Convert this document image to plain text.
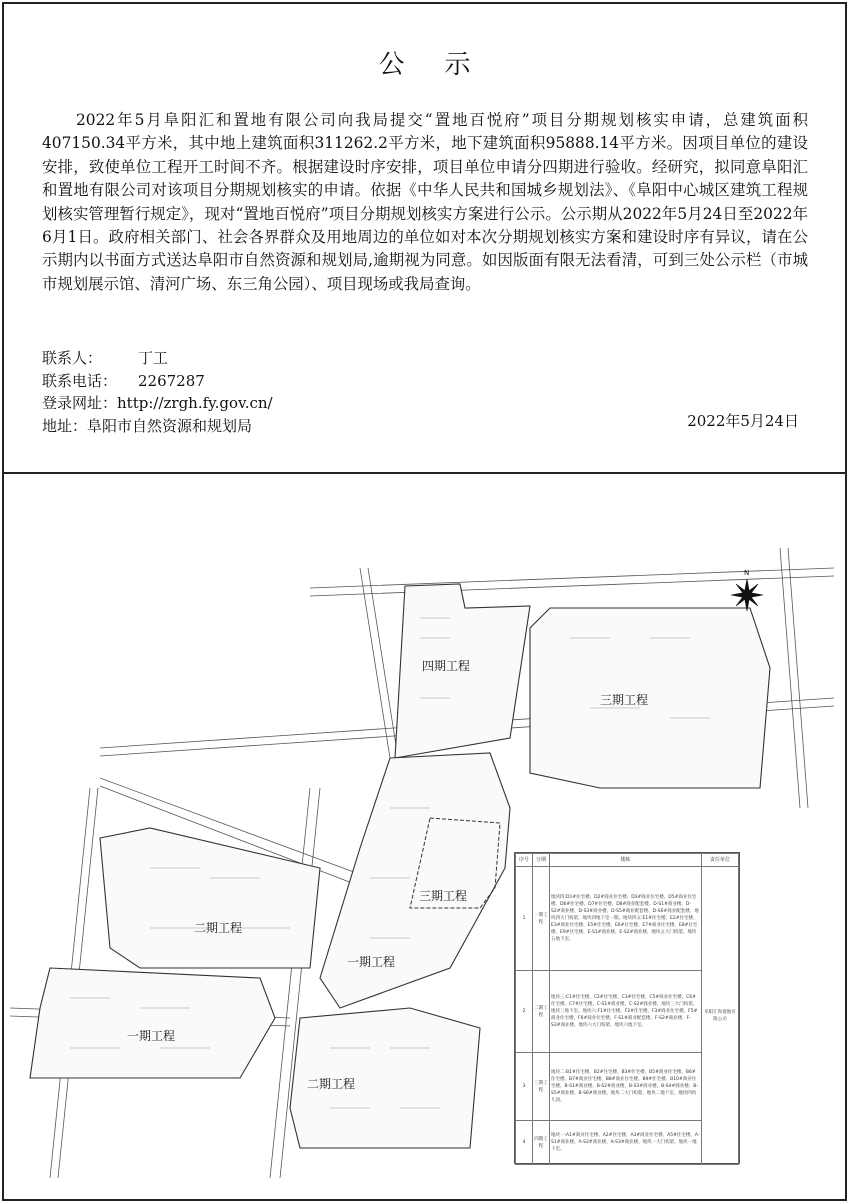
公示
2022年5月阜阳汇和置地有限公司向我局提交“置地百悦府”项目分期规划核实申请，总建筑面积407150.34平方米，其中地上建筑面积311262.2平方米，地下建筑面积95888.14平方米。因项目单位的建设安排，致使单位工程开工时间不齐。根据建设时序安排，项目单位申请分四期进行验收。经研究，拟同意阜阳汇和置地有限公司对该项目分期规划核实的申请。依据《中华人民共和国城乡规划法》、《阜阳中心城区建筑工程规划核实管理暂行规定》，现对“置地百悦府”项目分期规划核实方案进行公示。公示期从2022年5月24日至2022年6月1日。政府相关部门、社会各界群众及用地周边的单位如对本次分期规划核实方案和建设时序有异议，请在公示期内以书面方式送达阜阳市自然资源和规划局,逾期视为同意。如因版面有限无法看清，可到三处公示栏（市城市规划展示馆、清河广场、东三角公园）、项目现场或我局查询。
联系人： 丁工
联系电话： 2267287
登录网址：http://zrgh.fy.gov.cn/
地址：阜阳市自然资源和规划局	2022年5月24日
N
四期工程
三期工程
三期工程
二期工程
一期工程
一期工程
二期工程
序号	分期	楼栋	责任单位
1	一期工程	地块四:D1#住宅楼、D2#商业住宅楼、D3#商业住宅楼、D5#商业住宅楼、D6#住宅楼、D7#住宅楼、D8#商业配套楼、D-S1#商业楼、D-S2#商业楼、D-S3#商业楼、D-S5#商业配套楼、D-S6#商业配套楼、地块四大门构架、地块四地下室一期。地块四五:E1#住宅楼、E2#住宅楼、E3#商业住宅楼、E5#住宅楼、E6#住宅楼、E7#商业住宅楼、E8#住宅楼、E9#住宅楼、E-S1#商业楼、E-S2#商业楼、地块五大门构架、地块五地下室。	阜阳汇和置地有限公司
2	二期工程	地块三:C1#住宅楼、C2#住宅楼、C3#住宅楼、C5#商业住宅楼、C6#住宅楼、C7#住宅楼、C-S1#商业楼、C-S2#商业楼、地块三大门构架、地块三地下室。地块六:F1#住宅楼、F2#住宅楼、F3#商业住宅楼、F5#商业住宅楼、F6#商业住宅楼、F-S1#商业配套楼、F-S2#商业楼、F-S3#商业楼、地块六大门构架、地块六地下室。	
3	三期工程	地块二:B1#住宅楼、B2#住宅楼、B3#住宅楼、B5#商业住宅楼、B6#住宅楼、B7#商业住宅楼、B8#商业住宅楼、B9#住宅楼、B10#商业住宅楼、B-S1#商业楼、B-S2#商业楼、B-S3#商业楼、B-S4#商业楼、B-S5#商业楼、B-S6#商业楼、地块二大门构架、地块二地下室、地块四幼儿园。	
4	四期工程	地块一:A1#商业住宅楼、A2#住宅楼、A3#商业住宅楼、A5#住宅楼、A-S1#商业楼、A-S2#商业楼、A-S3#商业楼、地块一大门构架、地块一地下室。	
